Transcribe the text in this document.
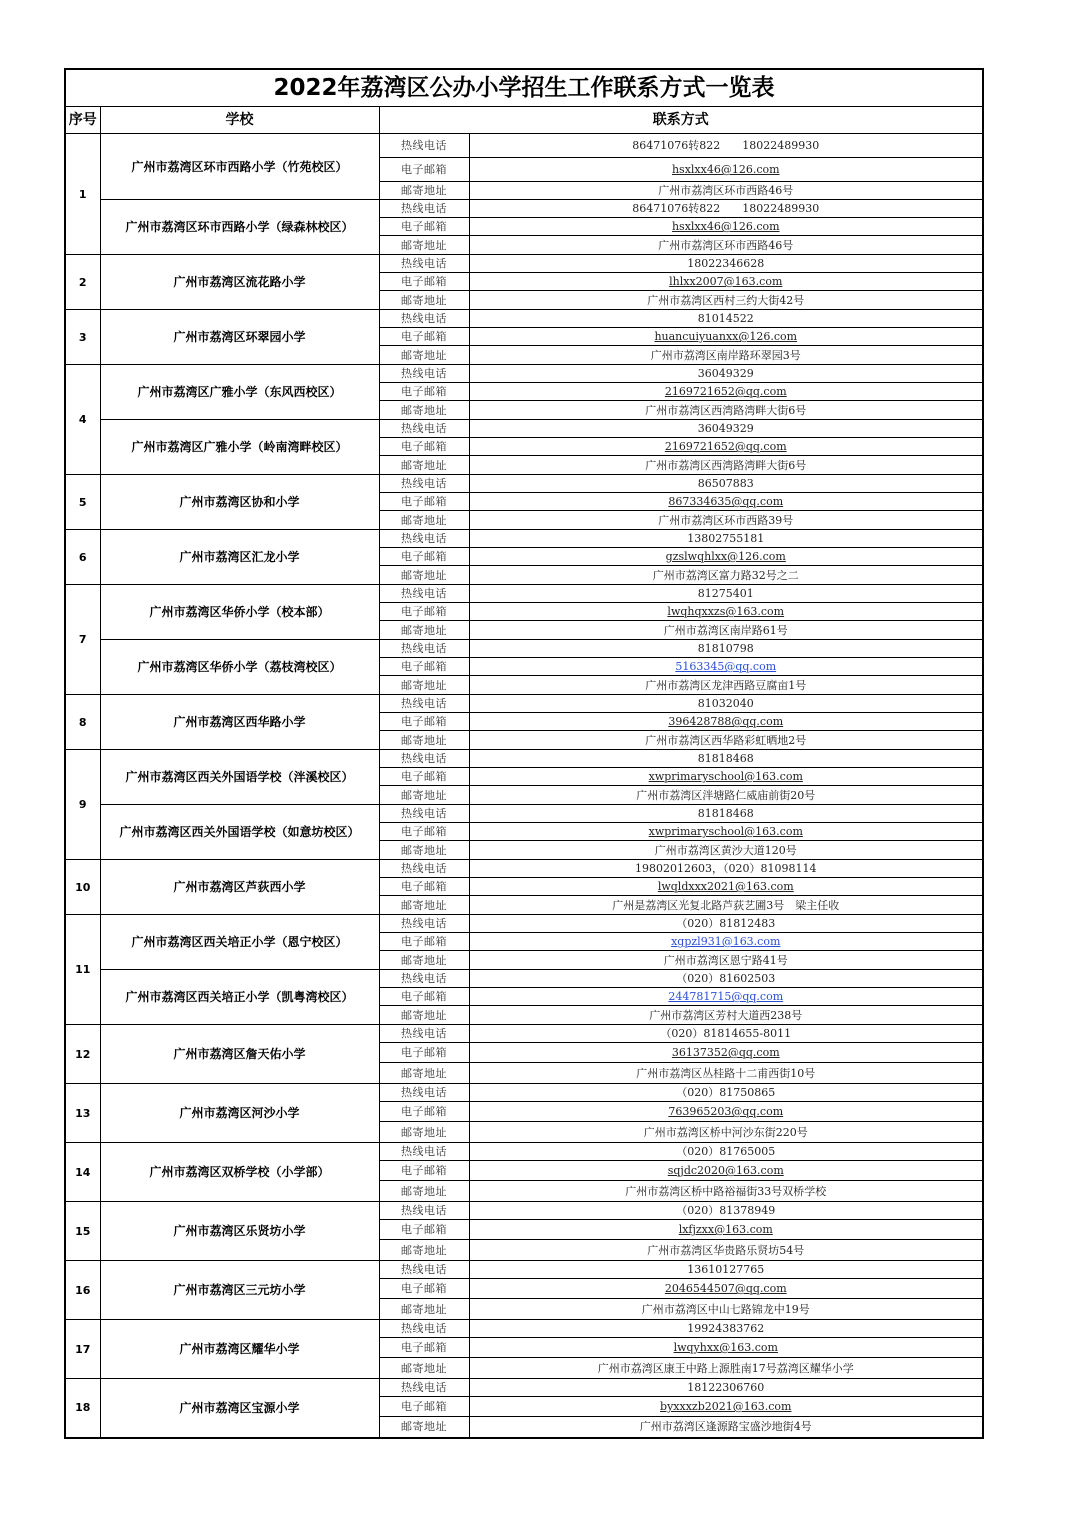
2022年荔湾区公办小学招生工作联系方式一览表			
序号	学校	联系方式	
1	广州市荔湾区环市西路小学（竹苑校区）	热线电话	86471076转822　　18022489930
		电子邮箱	hsxlxx46@126.com
		邮寄地址	广州市荔湾区环市西路46号
	广州市荔湾区环市西路小学（绿森林校区）	热线电话	86471076转822　　18022489930
		电子邮箱	hsxlxx46@126.com
		邮寄地址	广州市荔湾区环市西路46号
2	广州市荔湾区流花路小学	热线电话	18022346628
		电子邮箱	lhlxx2007@163.com
		邮寄地址	广州市荔湾区西村三约大街42号
3	广州市荔湾区环翠园小学	热线电话	81014522
		电子邮箱	huancuiyuanxx@126.com
		邮寄地址	广州市荔湾区南岸路环翠园3号
4	广州市荔湾区广雅小学（东风西校区）	热线电话	36049329
		电子邮箱	2169721652@qq.com
		邮寄地址	广州市荔湾区西湾路湾畔大街6号
	广州市荔湾区广雅小学（岭南湾畔校区）	热线电话	36049329
		电子邮箱	2169721652@qq.com
		邮寄地址	广州市荔湾区西湾路湾畔大街6号
5	广州市荔湾区协和小学	热线电话	86507883
		电子邮箱	867334635@qq.com
		邮寄地址	广州市荔湾区环市西路39号
6	广州市荔湾区汇龙小学	热线电话	13802755181
		电子邮箱	gzslwqhlxx@126.com
		邮寄地址	广州市荔湾区富力路32号之二
7	广州市荔湾区华侨小学（校本部）	热线电话	81275401
		电子邮箱	lwqhqxxzs@163.com
		邮寄地址	广州市荔湾区南岸路61号
	广州市荔湾区华侨小学（荔枝湾校区）	热线电话	81810798
		电子邮箱	5163345@qq.com
		邮寄地址	广州市荔湾区龙津西路豆腐亩1号
8	广州市荔湾区西华路小学	热线电话	81032040
		电子邮箱	396428788@qq.com
		邮寄地址	广州市荔湾区西华路彩虹晒地2号
9	广州市荔湾区西关外国语学校（泮溪校区）	热线电话	81818468
		电子邮箱	xwprimaryschool@163.com
		邮寄地址	广州市荔湾区泮塘路仁威庙前街20号
	广州市荔湾区西关外国语学校（如意坊校区）	热线电话	81818468
		电子邮箱	xwprimaryschool@163.com
		邮寄地址	广州市荔湾区黄沙大道120号
10	广州市荔湾区芦荻西小学	热线电话	19802012603，（020）81098114
		电子邮箱	lwqldxxx2021@163.com
		邮寄地址	广州是荔湾区光复北路芦荻艺圃3号　梁主任收
11	广州市荔湾区西关培正小学（恩宁校区）	热线电话	（020）81812483
		电子邮箱	xgpzl931@163.com
		邮寄地址	广州市荔湾区恩宁路41号
	广州市荔湾区西关培正小学（凯粤湾校区）	热线电话	（020）81602503
		电子邮箱	244781715@qq.com
		邮寄地址	广州市荔湾区芳村大道西238号
12	广州市荔湾区詹天佑小学	热线电话	（020）81814655-8011
		电子邮箱	36137352@qq.com
		邮寄地址	广州市荔湾区丛桂路十二甫西街10号
13	广州市荔湾区河沙小学	热线电话	（020）81750865
		电子邮箱	763965203@qq.com
		邮寄地址	广州市荔湾区桥中河沙东街220号
14	广州市荔湾区双桥学校（小学部）	热线电话	（020）81765005
		电子邮箱	sqjdc2020@163.com
		邮寄地址	广州市荔湾区桥中路裕福街33号双桥学校
15	广州市荔湾区乐贤坊小学	热线电话	（020）81378949
		电子邮箱	lxfjzxx@163.com
		邮寄地址	广州市荔湾区华贵路乐贤坊54号
16	广州市荔湾区三元坊小学	热线电话	13610127765
		电子邮箱	2046544507@qq.com
		邮寄地址	广州市荔湾区中山七路锦龙中19号
17	广州市荔湾区耀华小学	热线电话	19924383762
		电子邮箱	lwqyhxx@163.com
		邮寄地址	广州市荔湾区康王中路上源胜南17号荔湾区耀华小学
18	广州市荔湾区宝源小学	热线电话	18122306760
		电子邮箱	byxxxzb2021@163.com
		邮寄地址	广州市荔湾区逢源路宝盛沙地街4号
